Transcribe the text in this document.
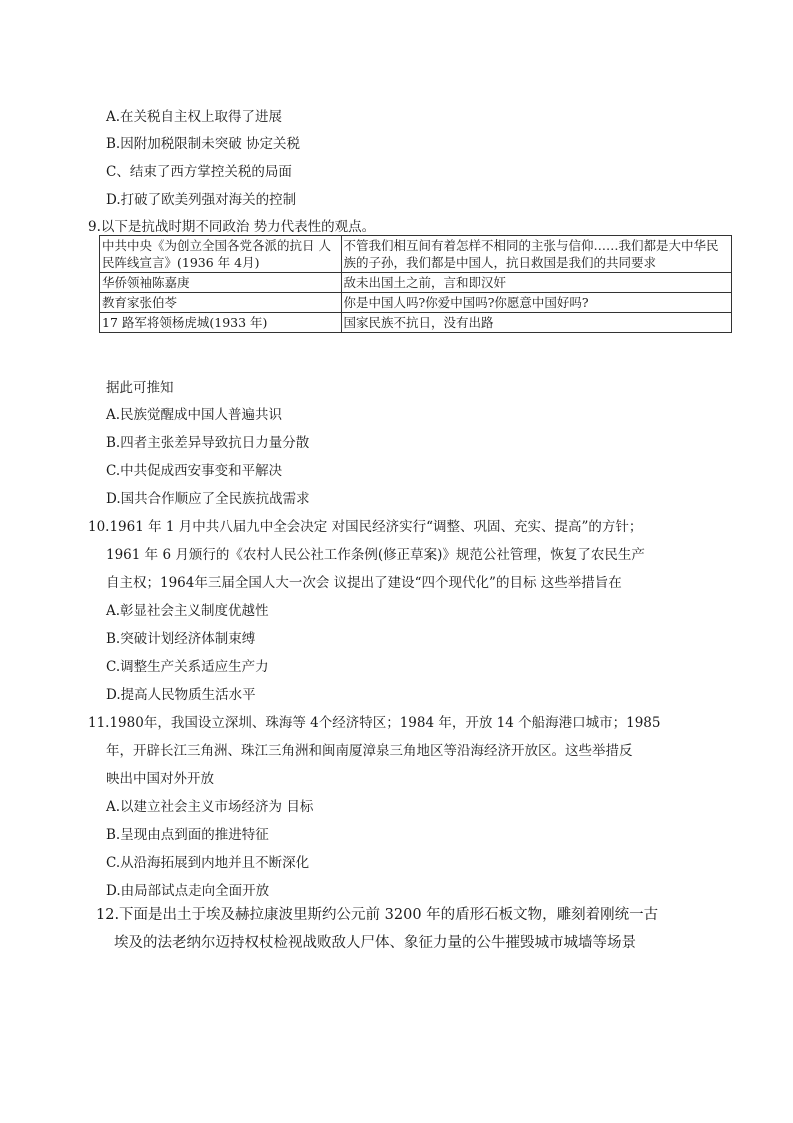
A.在关税自主权上取得了进展
B.因附加税限制未突破 协定关税
C、结束了西方掌控关税的局面
D.打破了欧美列强对海关的控制
9.以下是抗战时期不同政治 势力代表性的观点。
中共中央《为创立全国各党各派的抗日 人民阵线宣言》(1936 年 4月)	不管我们相互间有着怎样不相同的主张与信仰……我们都是大中华民族的子孙，我们都是中国人，抗日救国是我们的共同要求
华侨领袖陈嘉庚	敌未出国土之前，言和即汉奸
教育家张伯苓	你是中国人吗?你爱中国吗?你愿意中国好吗?
17 路军将领杨虎城(1933 年)	国家民族不抗日，没有出路
据此可推知
A.民族觉醒成中国人普遍共识
B.四者主张差异导致抗日力量分散
C.中共促成西安事变和平解决
D.国共合作顺应了全民族抗战需求
10.1961 年 1 月中共八届九中全会决定 对国民经济实行“调整、巩固、充实、提高”的方针；
1961 年 6 月颁行的《农村人民公社工作条例(修正草案)》规范公社管理，恢复了农民生产
自主权；1964年三届全国人大一次会 议提出了建设“四个现代化”的目标 这些举措旨在
A.彰显社会主义制度优越性
B.突破计划经济体制束缚
C.调整生产关系适应生产力
D.提高人民物质生活水平
11.1980年，我国设立深圳、珠海等 4个经济特区；1984 年，开放 14 个船海港口城市；1985
年，开辟长江三角洲、珠江三角洲和闽南厦漳泉三角地区等沿海经济开放区。这些举措反
映出中国对外开放
A.以建立社会主义市场经济为 目标
B.呈现由点到面的推进特征
C.从沿海拓展到内地并且不断深化
D.由局部试点走向全面开放
12.下面是出土于埃及赫拉康波里斯约公元前 3200 年的盾形石板文物，雕刻着刚统一古
埃及的法老纳尔迈持权杖检视战败敌人尸体、象征力量的公牛摧毁城市城墙等场景
